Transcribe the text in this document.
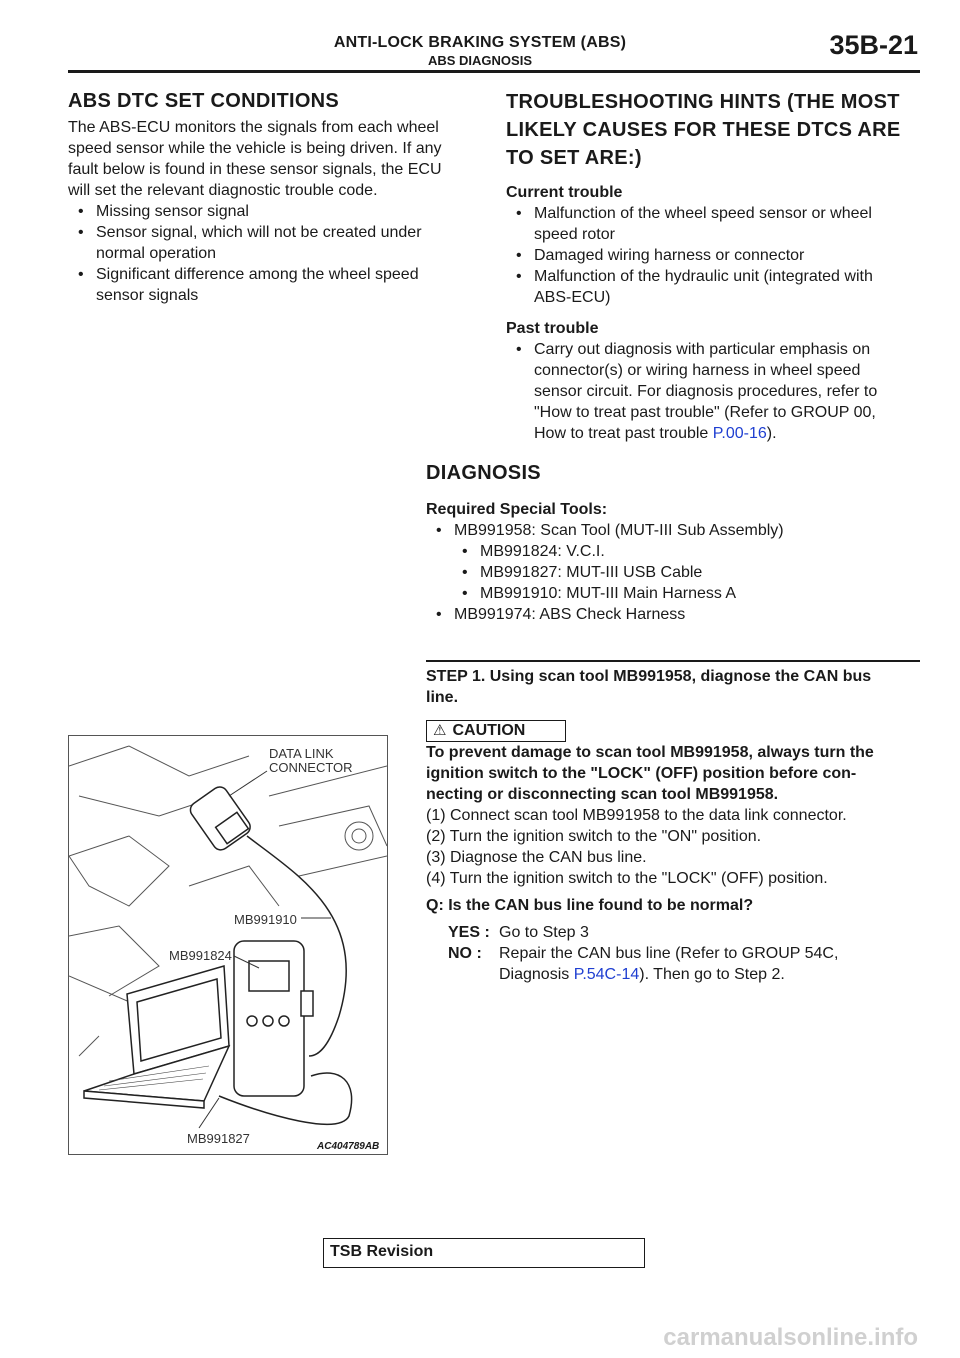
ANTI-LOCK BRAKING SYSTEM (ABS)
ABS DIAGNOSIS
35B-21
ABS DTC SET CONDITIONS
The ABS-ECU monitors the signals from each wheel
speed sensor while the vehicle is being driven. If any
fault below is found in these sensor signals, the ECU
will set the relevant diagnostic trouble code.
• Missing sensor signal
• Sensor signal, which will not be created under
normal operation
• Significant difference among the wheel speed
sensor signals
TROUBLESHOOTING HINTS (THE MOST
LIKELY CAUSES FOR THESE DTCS ARE
TO SET ARE:)
Current trouble
• Malfunction of the wheel speed sensor or wheel
speed rotor
• Damaged wiring harness or connector
• Malfunction of the hydraulic unit (integrated with
ABS-ECU)
Past trouble
• Carry out diagnosis with particular emphasis on
connector(s) or wiring harness in wheel speed
sensor circuit. For diagnosis procedures, refer to
"How to treat past trouble" (Refer to GROUP 00,
How to treat past trouble P.00-16).
DIAGNOSIS
Required Special Tools:
• MB991958: Scan Tool (MUT-III Sub Assembly)
• MB991824: V.C.I.
• MB991827: MUT-III USB Cable
• MB991910: MUT-III Main Harness A
• MB991974: ABS Check Harness
STEP 1. Using scan tool MB991958, diagnose the CAN bus
line.
⚠ CAUTION
To prevent damage to scan tool MB991958, always turn the
ignition switch to the "LOCK" (OFF) position before con-
necting or disconnecting scan tool MB991958.
(1) Connect scan tool MB991958 to the data link connector.
(2) Turn the ignition switch to the "ON" position.
(3) Diagnose the CAN bus line.
(4) Turn the ignition switch to the "LOCK" (OFF) position.
Q: Is the CAN bus line found to be normal?
YES : Go to Step 3
NO : Repair the CAN bus line (Refer to GROUP 54C,
Diagnosis P.54C-14). Then go to Step 2.
DATA LINK
CONNECTOR
MB991910
MB991824
MB991827
AC404789AB
TSB Revision
carmanualsonline.info
